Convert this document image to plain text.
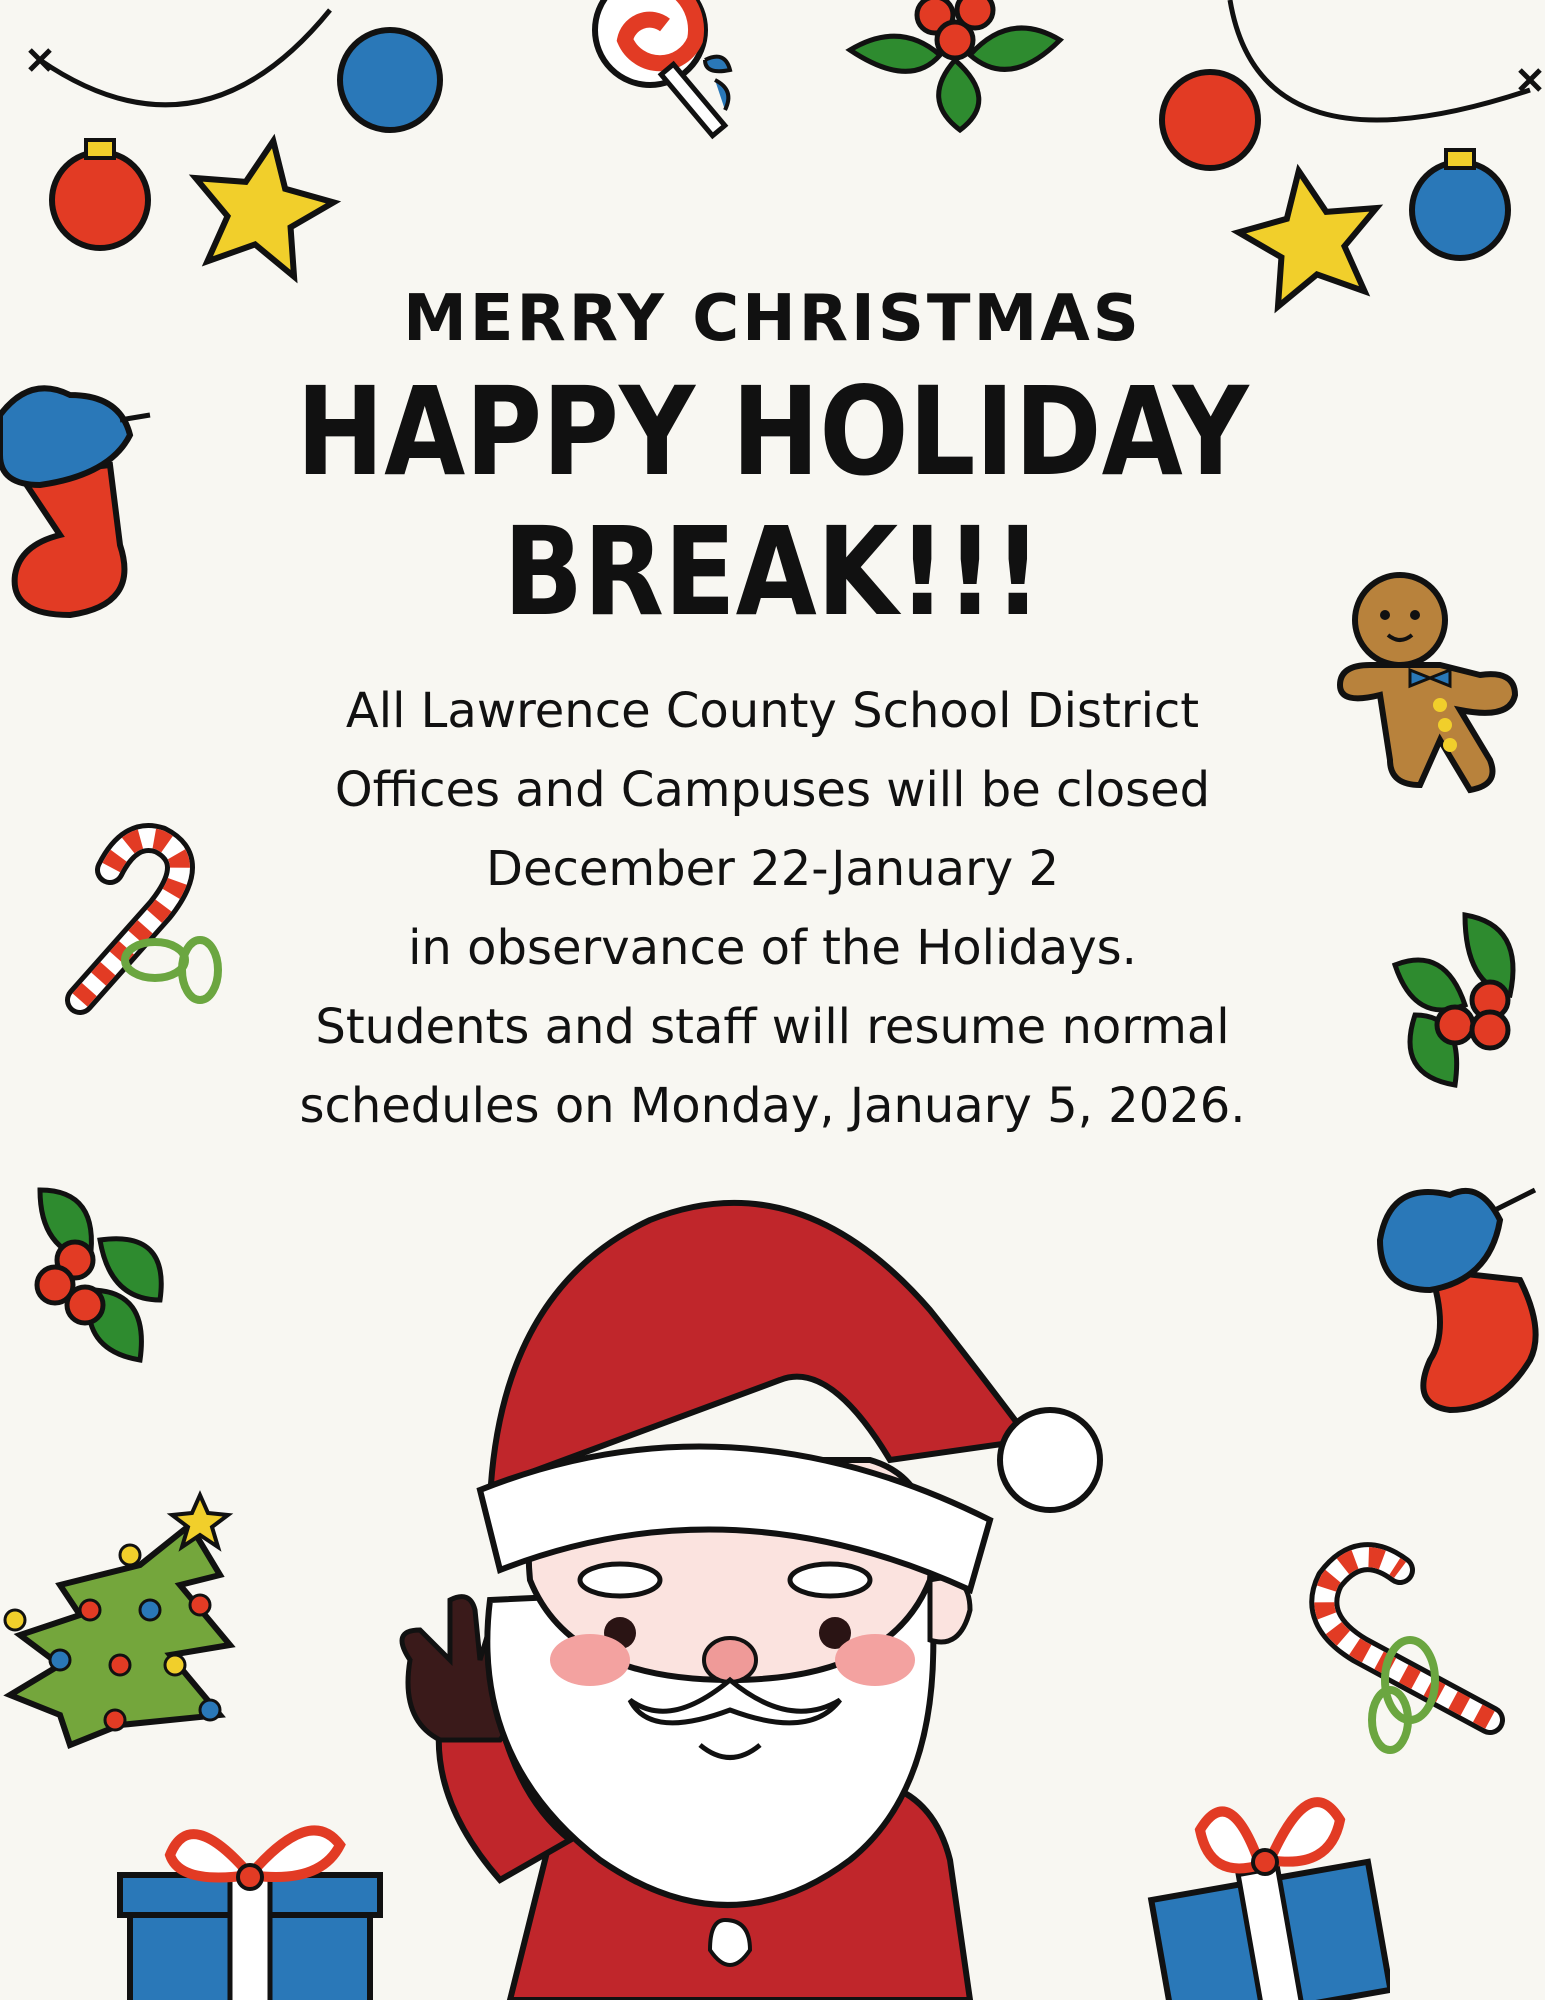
MERRY CHRISTMAS
HAPPY HOLIDAY
BREAK!!!
All Lawrence County School District
Offices and Campuses will be closed
December 22-January 2
in observance of the Holidays.
Students and staff will resume normal
schedules on Monday, January 5, 2026.
